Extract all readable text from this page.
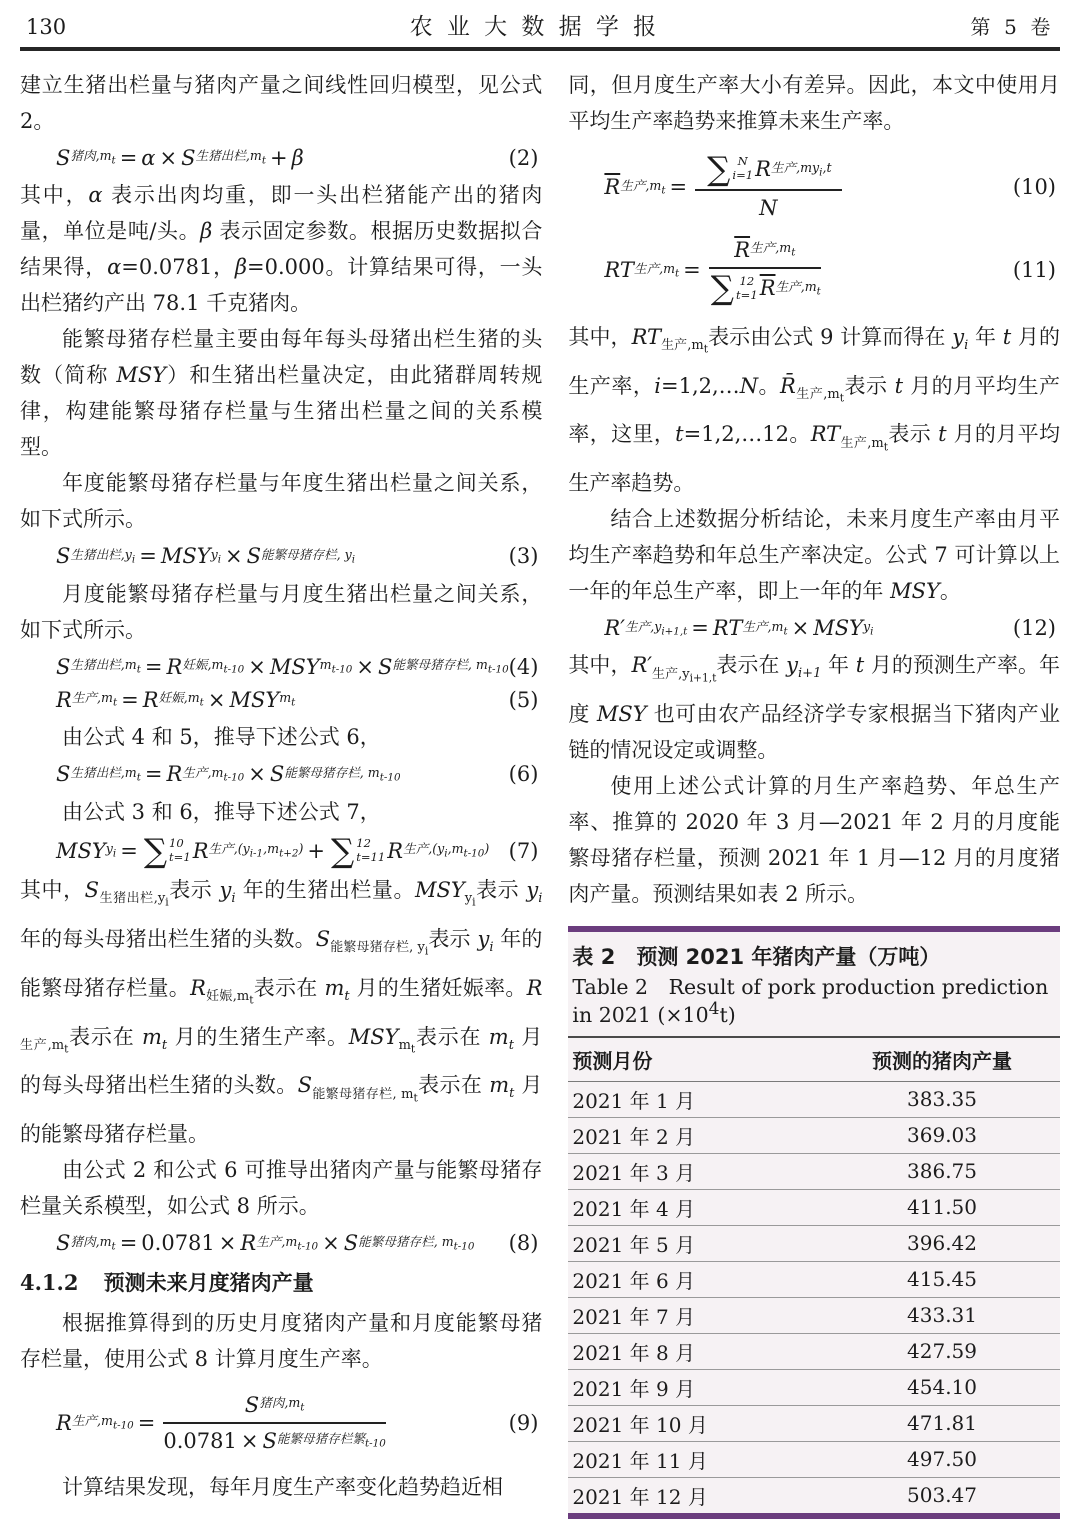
130	农业大数据学报	第 5 卷

建立生猪出栏量与猪肉产量之间线性回归模型，见公式 2。

S 猪肉$,m_t = \alpha \times S$ 生猪出栏$,m_t + \beta$	(2)

其中，α 表示出肉均重，即一头出栏猪能产出的猪肉量，单位是吨/头。β 表示固定参数。根据历史数据拟合结果得，α=0.0781，β=0.000。计算结果可得，一头出栏猪约产出 78.1 千克猪肉。

能繁母猪存栏量主要由每年每头母猪出栏生猪的头数（简称 MSY）和生猪出栏量决定，由此猪群周转规律，构建能繁母猪存栏量与生猪出栏量之间的关系模型。

年度能繁母猪存栏量与年度生猪出栏量之间关系，如下式所示。

S 生猪出栏$,y_i$ = MSY $y_i \times S$ 能繁母猪存栏, $y_i$	(3)

月度能繁母猪存栏量与月度生猪出栏量之间关系，如下式所示。

S 生猪出栏$,m_t = R$ 妊娠$,m_{t-10}$ × MSY $m_{t-10} \times S$ 能繁母猪存栏, $m_{t-10}$ (4)
R 生产$,m_t = R$ 妊娠$,m_t$ × MSY $m_t$	(5)

由公式 4 和 5，推导下述公式 6，

S 生猪出栏$,m_t = R$ 生产$,m_{t-10} \times S$ 能繁母猪存栏, $m_{t-10}$	(6)

由公式 3 和 6，推导下述公式 7，

MSY $y_i$ = ∑ 10
t=1 R 生产$,(y_{i-1},m_{t+2})$ + ∑ 12
t=11 R 生产$,(y_i,m_{t-10})$ (7)

其中，$S_{生猪出栏,y_i}$表示 $y_i$ 年的生猪出栏量。$MSY_{y_i}$表示 $y_i$ 年的每头母猪出栏生猪的头数。$S_{能繁母猪存栏, y_i}$表示 $y_i$ 年的能繁母猪存栏量。$R_{妊娠,m_t}$表示在 $m_t$ 月的生猪妊娠率。$R_{生产,m_t}$表示在 $m_t$ 月的生猪生产率。$MSY_{m_t}$表示在 $m_t$ 月的每头母猪出栏生猪的头数。$S_{能繁母猪存栏, m_t}$表示在 $m_t$ 月的能繁母猪存栏量。

由公式 2 和公式 6 可推导出猪肉产量与能繁母猪存栏量关系模型，如公式 8 所示。

S 猪肉$,m_t = 0.0781 \times R$ 生产$,m_{t-10} \times S$ 能繁母猪存栏, $m_{t-10}$ (8)
4.1.2 预测未来月度猪肉产量

根据推算得到的历史月度猪肉产量和月度能繁母猪存栏量，使用公式 8 计算月度生产率。

R 生产$,m_{t-10}$ =
S 猪肉$,m_t$
0.0781 × S 能繁母猪存栏繁$_{t-10}$
(9)

计算结果发现，每年月度生产率变化趋势趋近相

同，但月度生产率大小有差异。因此，本文中使用月平均生产率趋势来推算未来生产率。

$\overline{R}$ 生产$,m_t$ = ∑ N
i=1 R 生产$,my_i,t$
N
(10)
RT 生产$,m_t$ =
$\overline{R}$ 生产$,m_t$
∑ 12
t=1 $\overline{R}$ 生产$,m_t$
(11)

其中，$RT_{生产,m_t}$表示由公式 9 计算而得在 $y_i$ 年 t 月的生产率，i=1,2,…N。$R̄_{生产,m_t}$表示 t 月的月平均生产率，这里，t=1,2,…12。$RT_{生产,m_t}$表示 t 月的月平均生产率趋势。

结合上述数据分析结论，未来月度生产率由月平均生产率趋势和年总生产率决定。公式 7 可计算以上一年的年总生产率，即上一年的年 MSY。

R′ 生产$,y_{i+1,t}$ = RT 生产$,m_t$ × MSY $y_i$	(12)

其中，$R'_{生产,y_{i+1,t}}$表示在 $y_{i+1}$ 年 t 月的预测生产率。年度 MSY 也可由农产品经济学专家根据当下猪肉产业链的情况设定或调整。

使用上述公式计算的月生产率趋势、年总生产率、推算的 2020 年 3 月—2021 年 2 月的月度能繁母猪存栏量，预测 2021 年 1 月—12 月的月度猪肉产量。预测结果如表 2 所示。

表 2 预测 2021 年猪肉产量（万吨）

Table 2 Result of pork production prediction in 2021 $(\times 10^4t)$

预测月份	预测的猪肉产量
2021 年 1 月	383.35
2021 年 2 月	369.03
2021 年 3 月	386.75
2021 年 4 月	411.50
2021 年 5 月	396.42
2021 年 6 月	415.45
2021 年 7 月	433.31
2021 年 8 月	427.59
2021 年 9 月	454.10
2021 年 10 月	471.81
2021 年 11 月	497.50
2021 年 12 月	503.47
